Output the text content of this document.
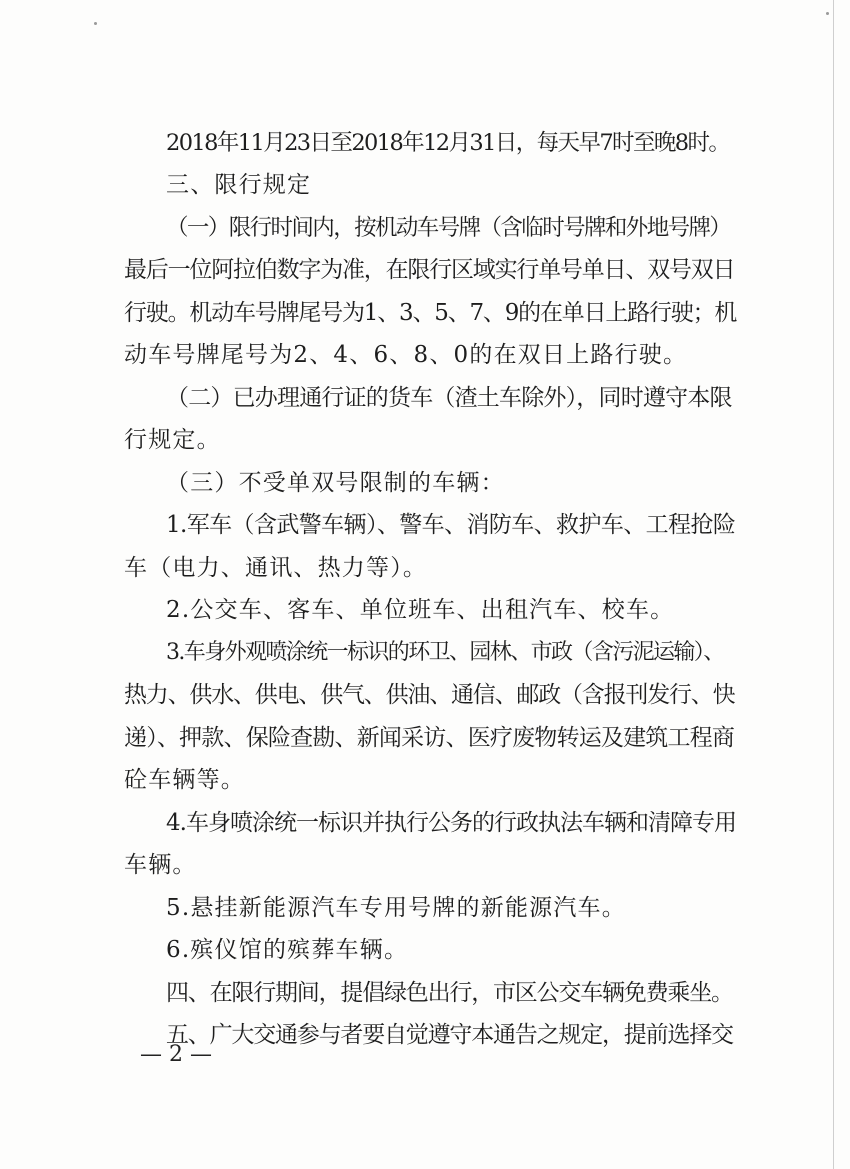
2018年11月23日至2018年12月31日，每天早7时至晚8时。
三、限行规定
（一）限行时间内，按机动车号牌（含临时号牌和外地号牌）
最后一位阿拉伯数字为准，在限行区域实行单号单日、双号双日
行驶。机动车号牌尾号为1、3、5、7、9的在单日上路行驶；机
动车号牌尾号为2、4、6、8、0的在双日上路行驶。
（二）已办理通行证的货车（渣土车除外），同时遵守本限
行规定。
（三）不受单双号限制的车辆：
1.军车（含武警车辆）、警车、消防车、救护车、工程抢险
车（电力、通讯、热力等）。
2.公交车、客车、单位班车、出租汽车、校车。
3.车身外观喷涂统一标识的环卫、园林、市政（含污泥运输）、
热力、供水、供电、供气、供油、通信、邮政（含报刊发行、快
递）、押款、保险查勘、新闻采访、医疗废物转运及建筑工程商
砼车辆等。
4.车身喷涂统一标识并执行公务的行政执法车辆和清障专用
车辆。
5.悬挂新能源汽车专用号牌的新能源汽车。
6.殡仪馆的殡葬车辆。
四、在限行期间，提倡绿色出行，市区公交车辆免费乘坐。
五、广大交通参与者要自觉遵守本通告之规定，提前选择交
— 2 —
